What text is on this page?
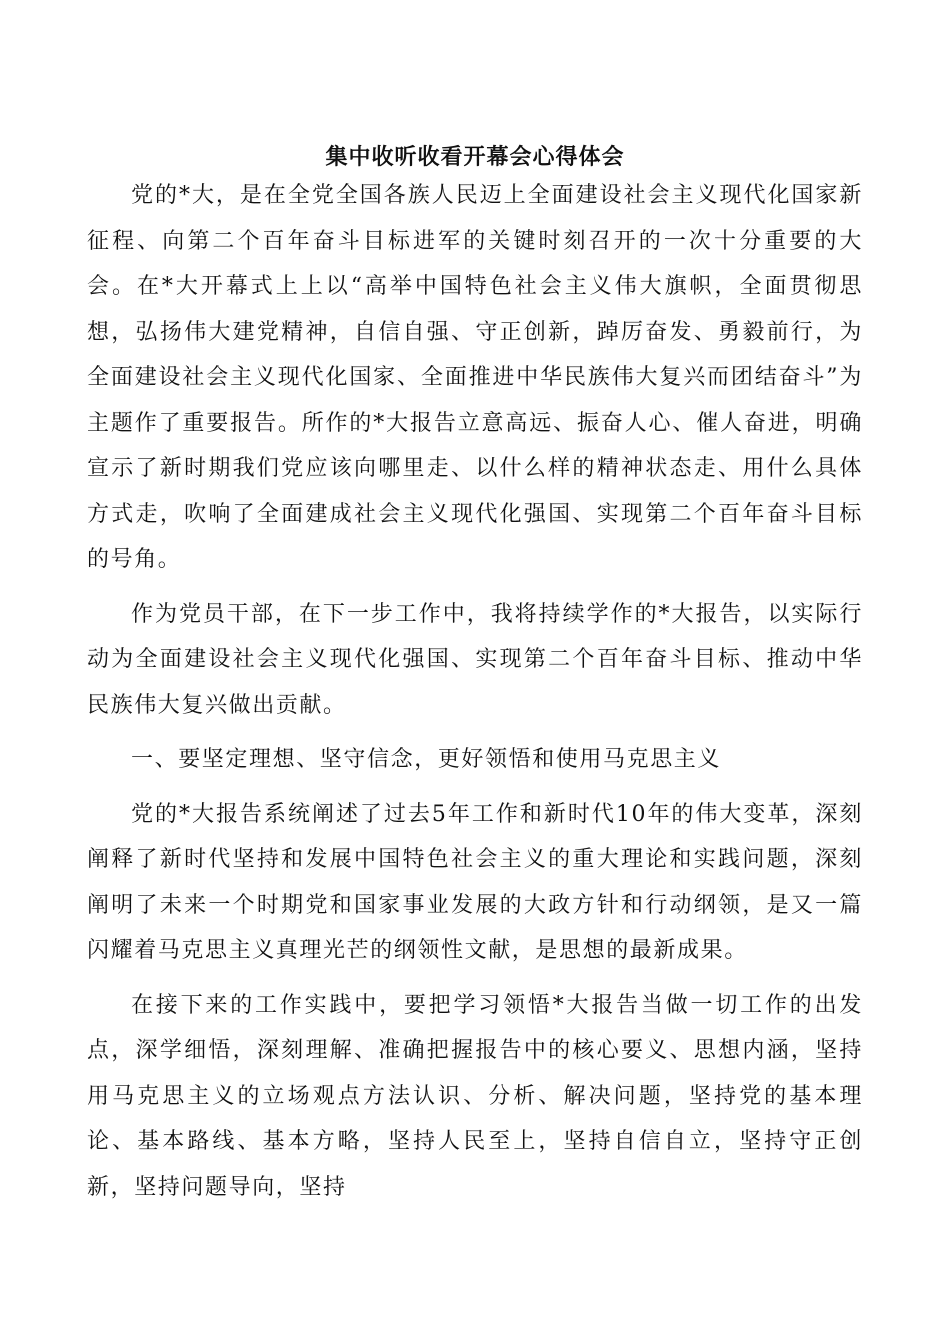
集中收听收看开幕会心得体会

党的*大，是在全党全国各族人民迈上全面建设社会主义现代化国家新征程、向第二个百年奋斗目标进军的关键时刻召开的一次十分重要的大会。在*大开幕式上上以“高举中国特色社会主义伟大旗帜，全面贯彻思想，弘扬伟大建党精神，自信自强、守正创新，踔厉奋发、勇毅前行，为全面建设社会主义现代化国家、全面推进中华民族伟大复兴而团结奋斗”为主题作了重要报告。所作的*大报告立意高远、振奋人心、催人奋进，明确宣示了新时期我们党应该向哪里走、以什么样的精神状态走、用什么具体方式走，吹响了全面建成社会主义现代化强国、实现第二个百年奋斗目标的号角。

作为党员干部，在下一步工作中，我将持续学作的*大报告，以实际行动为全面建设社会主义现代化强国、实现第二个百年奋斗目标、推动中华民族伟大复兴做出贡献。

一、要坚定理想、坚守信念，更好领悟和使用马克思主义

党的*大报告系统阐述了过去5年工作和新时代10年的伟大变革，深刻阐释了新时代坚持和发展中国特色社会主义的重大理论和实践问题，深刻阐明了未来一个时期党和国家事业发展的大政方针和行动纲领，是又一篇闪耀着马克思主义真理光芒的纲领性文献，是思想的最新成果。

在接下来的工作实践中，要把学习领悟*大报告当做一切工作的出发点，深学细悟，深刻理解、准确把握报告中的核心要义、思想内涵，坚持用马克思主义的立场观点方法认识、分析、解决问题，坚持党的基本理论、基本路线、基本方略，坚持人民至上，坚持自信自立，坚持守正创新，坚持问题导向，坚持
